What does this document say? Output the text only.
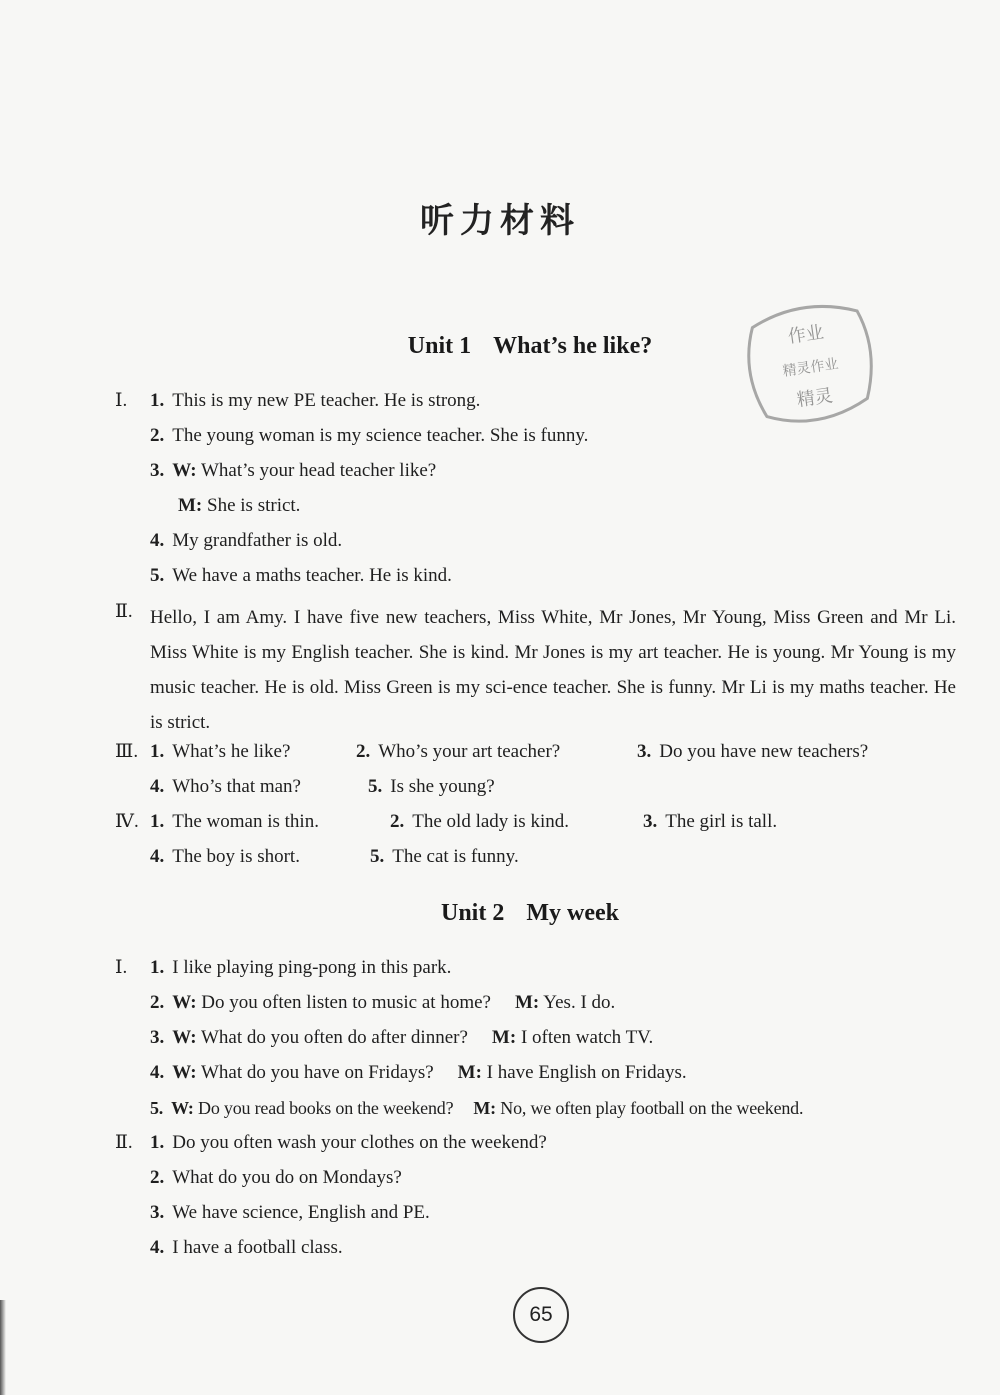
听力材料
作业
精灵作业
精灵
Unit 1 What’s he like?
Ⅰ. 1. This is my new PE teacher. He is strong.
2. The young woman is my science teacher. She is funny.
3. W: What’s your head teacher like?
M: She is strict.
4. My grandfather is old.
5. We have a maths teacher. He is kind.
Ⅱ. Hello, I am Amy. I have five new teachers, Miss White, Mr Jones, Mr Young, Miss Green and Mr Li. Miss White is my English teacher. She is kind. Mr Jones is my art teacher. He is young. Mr Young is my music teacher. He is old. Miss Green is my sci-ence teacher. She is funny. Mr Li is my maths teacher. He is strict.
Ⅲ. 1. What’s he like?	2. Who’s your art teacher?	3. Do you have new teachers?
4. Who’s that man?	5. Is she young?
Ⅳ. 1. The woman is thin.	2. The old lady is kind.	3. The girl is tall.
4. The boy is short.	5. The cat is funny.
Unit 2 My week
Ⅰ. 1. I like playing ping-pong in this park.
2. W: Do you often listen to music at home? M: Yes. I do.
3. W: What do you often do after dinner? M: I often watch TV.
4. W: What do you have on Fridays? M: I have English on Fridays.
5. W: Do you read books on the weekend? M: No, we often play football on the weekend.
Ⅱ. 1. Do you often wash your clothes on the weekend?
2. What do you do on Mondays?
3. We have science, English and PE.
4. I have a football class.
65
